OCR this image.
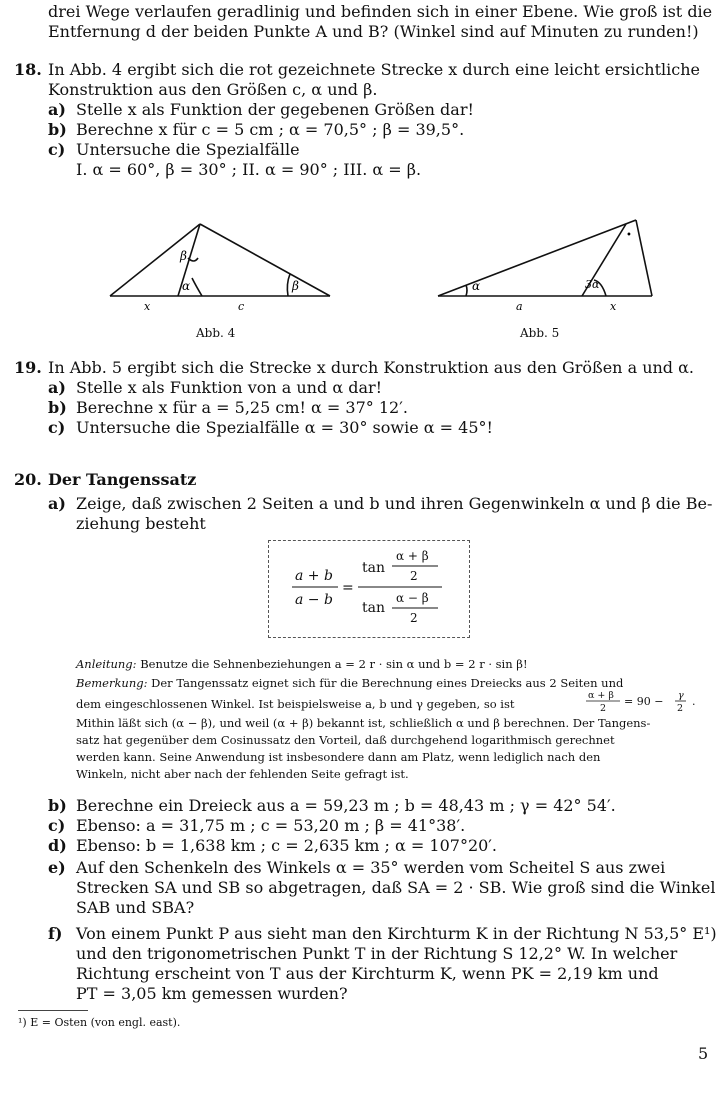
drei Wege verlaufen geradlinig und befinden sich in einer Ebene. Wie groß ist die
Entfernung d der beiden Punkte A und B? (Winkel sind auf Minuten zu runden!)
18. In Abb. 4 ergibt sich die rot gezeichnete Strecke x durch eine leicht ersichtliche
Konstruktion aus den Größen c, α und β.
a) Stelle x als Funktion der gegebenen Größen dar!
b) Berechne x für c = 5 cm ; α = 70,5° ; β = 39,5°.
c) Untersuche die Spezialfälle
I. α = 60°, β = 30° ; II. α = 90° ; III. α = β.
β
α	β
x	c
Abb. 4
α	3α
•
a	x
Abb. 5
19. In Abb. 5 ergibt sich die Strecke x durch Konstruktion aus den Größen a und α.
a) Stelle x als Funktion von a und α dar!
b) Berechne x für a = 5,25 cm! α = 37° 12′.
c) Untersuche die Spezialfälle α = 30° sowie α = 45°!
20. Der Tangenssatz
a) Zeige, daß zwischen 2 Seiten a und b und ihren Gegenwinkeln α und β die Be-
ziehung besteht
a + b
a − b
=
tan
α + β
2
tan
α − β
2
Anleitung: Benutze die Sehnenbeziehungen a = 2 r · sin α und b = 2 r · sin β!
Bemerkung: Der Tangenssatz eignet sich für die Berechnung eines Dreiecks aus 2 Seiten und
dem eingeschlossenen Winkel. Ist beispielsweise a, b und γ gegeben, so ist
α + β
2
= 90 − γ
2
.
Mithin läßt sich (α − β), und weil (α + β) bekannt ist, schließlich α und β berechnen. Der Tangens-
satz hat gegenüber dem Cosinussatz den Vorteil, daß durchgehend logarithmisch gerechnet
werden kann. Seine Anwendung ist insbesondere dann am Platz, wenn lediglich nach den
Winkeln, nicht aber nach der fehlenden Seite gefragt ist.
b) Berechne ein Dreieck aus a = 59,23 m ; b = 48,43 m ; γ = 42° 54′.
c) Ebenso: a = 31,75 m ; c = 53,20 m ; β = 41°38′.
d) Ebenso: b = 1,638 km ; c = 2,635 km ; α = 107°20′.
e) Auf den Schenkeln des Winkels α = 35° werden vom Scheitel S aus zwei
Strecken SA und SB so abgetragen, daß SA = 2 · SB. Wie groß sind die Winkel
SAB und SBA?
f) Von einem Punkt P aus sieht man den Kirchturm K in der Richtung N 53,5° E¹)
und den trigonometrischen Punkt T in der Richtung S 12,2° W. In welcher
Richtung erscheint von T aus der Kirchturm K, wenn PK = 2,19 km und
PT = 3,05 km gemessen wurden?
¹) E = Osten (von engl. east).
5
